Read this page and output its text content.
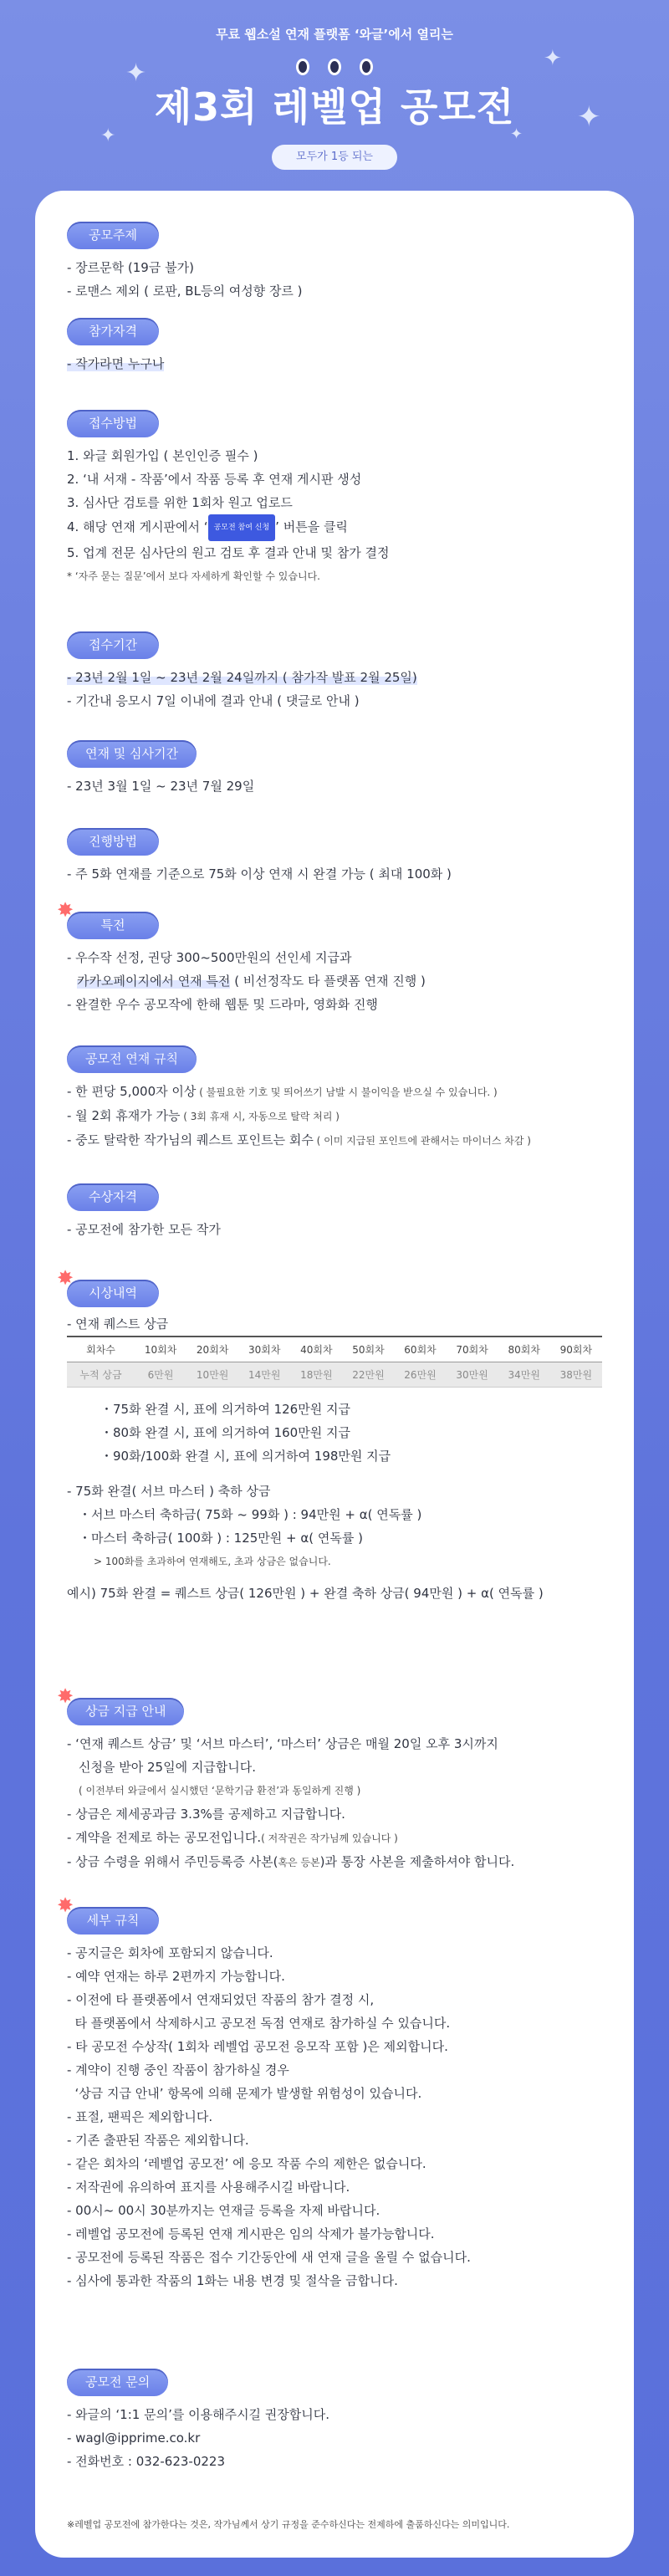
✦
✦
✦
✦
✦
무료 웹소설 연재 플랫폼 ‘와글’에서 열리는
제3회 레벨업 공모전
모두가 1등 되는
공모주제
- 장르문학 (19금 불가)
- 로맨스 제외 ( 로판, BL등의 여성향 장르 )
참가자격
- 작가라면 누구나
접수방법
1. 와글 회원가입 ( 본인인증 필수 )
2. ‘내 서재 - 작품’에서 작품 등록 후 연재 게시판 생성
3. 심사단 검토를 위한 1회차 원고 업로드
4. 해당 연재 게시판에서 ‘ 공모전 참여 신청 ’ 버튼을 클릭
5. 업계 전문 심사단의 원고 검토 후 결과 안내 및 참가 결정
* ‘자주 묻는 질문’에서 보다 자세하게 확인할 수 있습니다.
접수기간
- 23년 2월 1일 ~ 23년 2월 24일까지 ( 참가작 발표 2월 25일)
- 기간내 응모시 7일 이내에 결과 안내 ( 댓글로 안내 )
연재 및 심사기간
- 23년 3월 1일 ~ 23년 7월 29일
진행방법
- 주 5화 연재를 기준으로 75화 이상 연재 시 완결 가능 ( 최대 100화 )
✸
특전
- 우수작 선정, 권당 300~500만원의 선인세 지급과
카카오페이지에서 연재 특전 ( 비선정작도 타 플랫폼 연재 진행 )
- 완결한 우수 공모작에 한해 웹툰 및 드라마, 영화화 진행
공모전 연재 규칙
- 한 편당 5,000자 이상 ( 불필요한 기호 및 띄어쓰기 남발 시 불이익을 받으실 수 있습니다. )
- 월 2회 휴재가 가능 ( 3회 휴재 시, 자동으로 탈락 처리 )
- 중도 탈락한 작가님의 퀘스트 포인트는 회수 ( 이미 지급된 포인트에 관해서는 마이너스 차감 )
수상자격
- 공모전에 참가한 모든 작가
✸
시상내역
- 연재 퀘스트 상금
회차수	10회차	20회차	30회차	40회차	50회차	60회차	70회차	80회차	90회차
누적 상금	6만원	10만원	14만원	18만원	22만원	26만원	30만원	34만원	38만원
・75화 완결 시, 표에 의거하여 126만원 지급
・80화 완결 시, 표에 의거하여 160만원 지급
・90화/100화 완결 시, 표에 의거하여 198만원 지급
- 75화 완결( 서브 마스터 ) 축하 상금
・서브 마스터 축하금( 75화 ~ 99화 ) : 94만원 + α( 연독률 )
・마스터 축하금( 100화 ) : 125만원 + α( 연독률 )
> 100화를 초과하여 연재해도, 초과 상금은 없습니다.
예시) 75화 완결 = 퀘스트 상금( 126만원 ) + 완결 축하 상금( 94만원 ) + α( 연독률 )
✸
상금 지급 안내
- ‘연재 퀘스트 상금’ 및 ‘서브 마스터’, ‘마스터’ 상금은 매월 20일 오후 3시까지
신청을 받아 25일에 지급합니다.
( 이전부터 와글에서 실시했던 ‘문학기금 환전’과 동일하게 진행 )
- 상금은 제세공과금 3.3%를 공제하고 지급합니다.
- 계약을 전제로 하는 공모전입니다.( 저작권은 작가님께 있습니다 )
- 상금 수령을 위해서 주민등록증 사본(혹은 등본)과 통장 사본을 제출하셔야 합니다.
✸
세부 규칙
- 공지글은 회차에 포함되지 않습니다.
- 예약 연재는 하루 2편까지 가능합니다.
- 이전에 타 플랫폼에서 연재되었던 작품의 참가 결정 시,
타 플랫폼에서 삭제하시고 공모전 독점 연재로 참가하실 수 있습니다.
- 타 공모전 수상작( 1회차 레벨업 공모전 응모작 포함 )은 제외합니다.
- 계약이 진행 중인 작품이 참가하실 경우
‘상금 지급 안내’ 항목에 의해 문제가 발생할 위험성이 있습니다.
- 표절, 팬픽은 제외합니다.
- 기존 출판된 작품은 제외합니다.
- 같은 회차의 ‘레벨업 공모전’ 에 응모 작품 수의 제한은 없습니다.
- 저작권에 유의하여 표지를 사용해주시길 바랍니다.
- 00시~ 00시 30분까지는 연재글 등록을 자제 바랍니다.
- 레벨업 공모전에 등록된 연재 게시판은 임의 삭제가 불가능합니다.
- 공모전에 등록된 작품은 접수 기간동안에 새 연재 글을 올릴 수 없습니다.
- 심사에 통과한 작품의 1화는 내용 변경 및 절삭을 금합니다.
공모전 문의
- 와글의 ‘1:1 문의’를 이용해주시길 권장합니다.
- wagl@ipprime.co.kr
- 전화번호 : 032-623-0223
※레벨업 공모전에 참가한다는 것은, 작가님께서 상기 규정을 준수하신다는 전제하에 출품하신다는 의미입니다.
